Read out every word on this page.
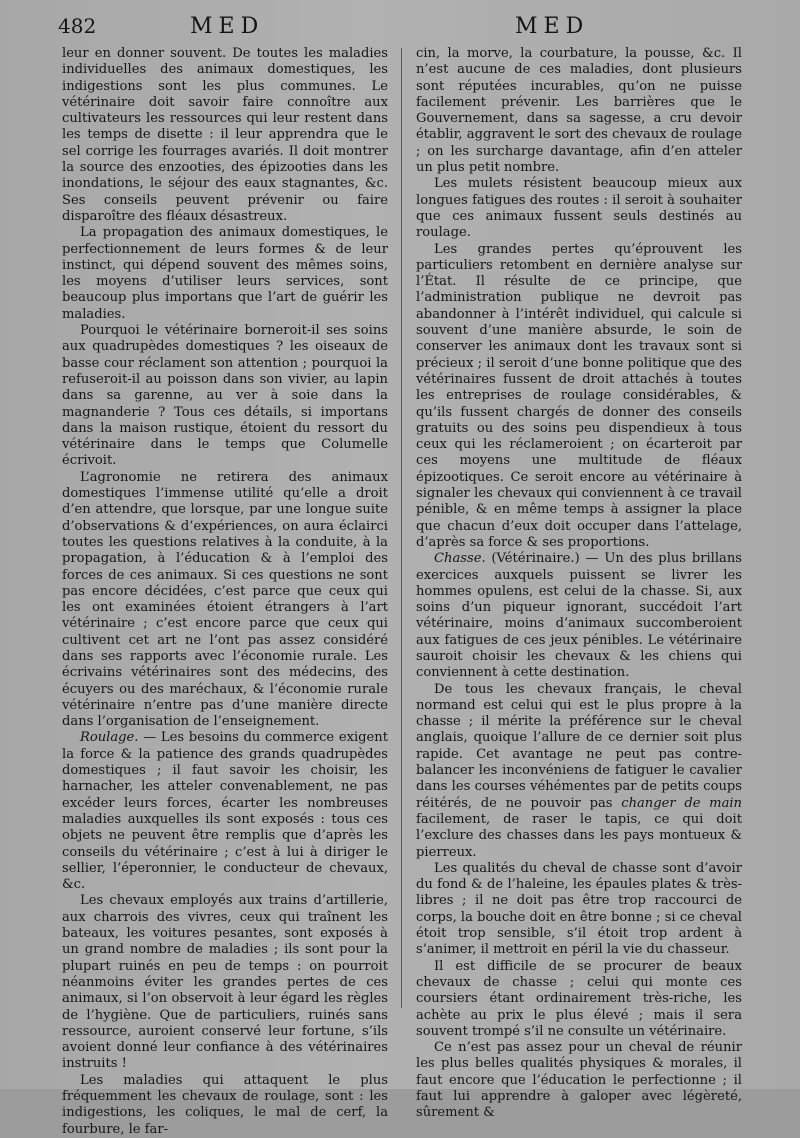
482	MED	MED

leur en donner souvent. De toutes les maladies individuelles des animaux domestiques, les indigestions sont les plus communes. Le vétérinaire doit savoir faire connoître aux cultivateurs les ressources qui leur restent dans les temps de disette : il leur apprendra que le sel corrige les fourrages avariés. Il doit montrer la source des enzooties, des épizooties dans les inondations, le séjour des eaux stagnantes, &c. Ses conseils peuvent prévenir ou faire disparoître des fléaux désastreux.

La propagation des animaux domestiques, le perfectionnement de leurs formes & de leur instinct, qui dépend souvent des mêmes soins, les moyens d’utiliser leurs services, sont beaucoup plus importans que l’art de guérir les maladies.

Pourquoi le vétérinaire borneroit-il ses soins aux quadrupèdes domestiques ? les oiseaux de basse cour réclament son attention ; pourquoi la refuseroit-il au poisson dans son vivier, au lapin dans sa garenne, au ver à soie dans la magnanderie ? Tous ces détails, si importans dans la maison rustique, étoient du ressort du vétérinaire dans le temps que Columelle écrivoit.

L’agronomie ne retirera des animaux domestiques l’immense utilité qu’elle a droit d’en attendre, que lorsque, par une longue suite d’observations & d’expériences, on aura éclairci toutes les questions relatives à la conduite, à la propagation, à l’éducation & à l’emploi des forces de ces animaux. Si ces questions ne sont pas encore décidées, c’est parce que ceux qui les ont examinées étoient étrangers à l’art vétérinaire ; c’est encore parce que ceux qui cultivent cet art ne l’ont pas assez considéré dans ses rapports avec l’économie rurale. Les écrivains vétérinaires sont des médecins, des écuyers ou des maréchaux, & l’économie rurale vétérinaire n’entre pas d’une manière directe dans l’organisation de l’enseignement.

Roulage. — Les besoins du commerce exigent la force & la patience des grands quadrupèdes domestiques ; il faut savoir les choisir, les harnacher, les atteler convenablement, ne pas excéder leurs forces, écarter les nombreuses maladies auxquelles ils sont exposés : tous ces objets ne peuvent être remplis que d’après les conseils du vétérinaire ; c’est à lui à diriger le sellier, l’éperonnier, le conducteur de chevaux, &c.

Les chevaux employés aux trains d’artillerie, aux charrois des vivres, ceux qui traînent les bateaux, les voitures pesantes, sont exposés à un grand nombre de maladies ; ils sont pour la plupart ruinés en peu de temps : on pourroit néanmoins éviter les grandes pertes de ces animaux, si l’on observoit à leur égard les règles de l’hygiène. Que de particuliers, ruinés sans ressource, auroient conservé leur fortune, s’ils avoient donné leur confiance à des vétérinaires instruits !

Les maladies qui attaquent le plus fréquemment les chevaux de roulage, sont : les indigestions, les coliques, le mal de cerf, la fourbure, le far-

cin, la morve, la courbature, la pousse, &c. Il n’est aucune de ces maladies, dont plusieurs sont réputées incurables, qu’on ne puisse facilement prévenir. Les barrières que le Gouvernement, dans sa sagesse, a cru devoir établir, aggravent le sort des chevaux de roulage ; on les surcharge davantage, afin d’en atteler un plus petit nombre.

Les mulets résistent beaucoup mieux aux longues fatigues des routes : il seroit à souhaiter que ces animaux fussent seuls destinés au roulage.

Les grandes pertes qu’éprouvent les particuliers retombent en dernière analyse sur l’État. Il résulte de ce principe, que l’administration publique ne devroit pas abandonner à l’intérêt individuel, qui calcule si souvent d’une manière absurde, le soin de conserver les animaux dont les travaux sont si précieux ; il seroit d’une bonne politique que des vétérinaires fussent de droit attachés à toutes les entreprises de roulage considérables, & qu’ils fussent chargés de donner des conseils gratuits ou des soins peu dispendieux à tous ceux qui les réclameroient ; on écarteroit par ces moyens une multitude de fléaux épizootiques. Ce seroit encore au vétérinaire à signaler les chevaux qui conviennent à ce travail pénible, & en même temps à assigner la place que chacun d’eux doit occuper dans l’attelage, d’après sa force & ses proportions.

Chasse. (Vétérinaire.) — Un des plus brillans exercices auxquels puissent se livrer les hommes opulens, est celui de la chasse. Si, aux soins d’un piqueur ignorant, succédoit l’art vétérinaire, moins d’animaux succomberoient aux fatigues de ces jeux pénibles. Le vétérinaire sauroit choisir les chevaux & les chiens qui conviennent à cette destination.

De tous les chevaux français, le cheval normand est celui qui est le plus propre à la chasse ; il mérite la préférence sur le cheval anglais, quoique l’allure de ce dernier soit plus rapide. Cet avantage ne peut pas contre-balancer les inconvéniens de fatiguer le cavalier dans les courses véhémentes par de petits coups réitérés, de ne pouvoir pas changer de main facilement, de raser le tapis, ce qui doit l’exclure des chasses dans les pays montueux & pierreux.

Les qualités du cheval de chasse sont d’avoir du fond & de l’haleine, les épaules plates & très-libres ; il ne doit pas être trop raccourci de corps, la bouche doit en être bonne ; si ce cheval étoit trop sensible, s’il étoit trop ardent à s’animer, il mettroit en péril la vie du chasseur.

Il est difficile de se procurer de beaux chevaux de chasse ; celui qui monte ces coursiers étant ordinairement très-riche, les achète au prix le plus élevé ; mais il sera souvent trompé s’il ne consulte un vétérinaire.

Ce n’est pas assez pour un cheval de réunir les plus belles qualités physiques & morales, il faut encore que l’éducation le perfectionne ; il faut lui apprendre à galoper avec légèreté, sûrement &
